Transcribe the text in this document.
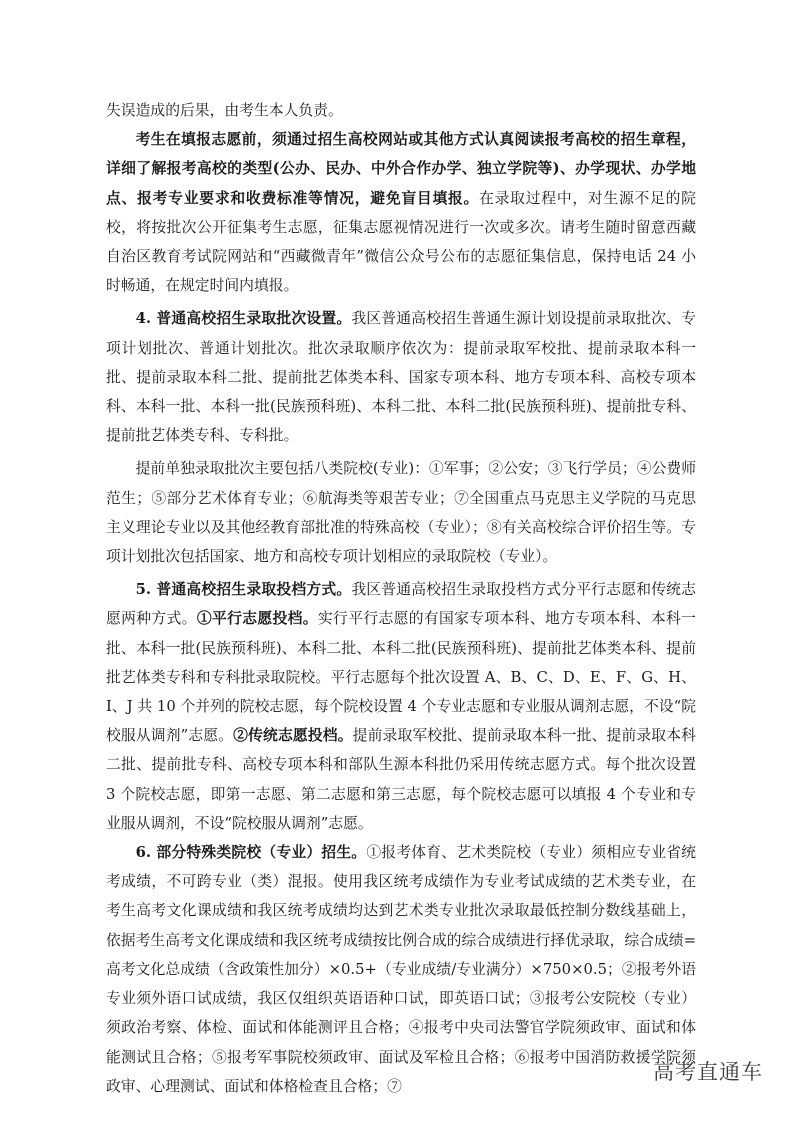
失误造成的后果，由考生本人负责。

考生在填报志愿前，须通过招生高校网站或其他方式认真阅读报考高校的招生章程，详细了解报考高校的类型(公办、民办、中外合作办学、独立学院等)、办学现状、办学地点、报考专业要求和收费标准等情况，避免盲目填报。在录取过程中，对生源不足的院校，将按批次公开征集考生志愿，征集志愿视情况进行一次或多次。请考生随时留意西藏自治区教育考试院网站和“西藏微青年”微信公众号公布的志愿征集信息，保持电话 24 小时畅通，在规定时间内填报。

4. 普通高校招生录取批次设置。我区普通高校招生普通生源计划设提前录取批次、专项计划批次、普通计划批次。批次录取顺序依次为：提前录取军校批、提前录取本科一批、提前录取本科二批、提前批艺体类本科、国家专项本科、地方专项本科、高校专项本科、本科一批、本科一批(民族预科班)、本科二批、本科二批(民族预科班)、提前批专科、提前批艺体类专科、专科批。

提前单独录取批次主要包括八类院校(专业)：①军事；②公安；③飞行学员；④公费师范生；⑤部分艺术体育专业；⑥航海类等艰苦专业；⑦全国重点马克思主义学院的马克思主义理论专业以及其他经教育部批准的特殊高校（专业）；⑧有关高校综合评价招生等。专项计划批次包括国家、地方和高校专项计划相应的录取院校（专业）。

5. 普通高校招生录取投档方式。我区普通高校招生录取投档方式分平行志愿和传统志愿两种方式。①平行志愿投档。实行平行志愿的有国家专项本科、地方专项本科、本科一批、本科一批(民族预科班)、本科二批、本科二批(民族预科班)、提前批艺体类本科、提前批艺体类专科和专科批录取院校。平行志愿每个批次设置 A、B、C、D、E、F、G、H、I、J 共 10 个并列的院校志愿，每个院校设置 4 个专业志愿和专业服从调剂志愿，不设“院校服从调剂”志愿。②传统志愿投档。提前录取军校批、提前录取本科一批、提前录取本科二批、提前批专科、高校专项本科和部队生源本科批仍采用传统志愿方式。每个批次设置 3 个院校志愿，即第一志愿、第二志愿和第三志愿，每个院校志愿可以填报 4 个专业和专业服从调剂，不设“院校服从调剂”志愿。

6. 部分特殊类院校（专业）招生。①报考体育、艺术类院校（专业）须相应专业省统考成绩，不可跨专业（类）混报。使用我区统考成绩作为专业考试成绩的艺术类专业，在考生高考文化课成绩和我区统考成绩均达到艺术类专业批次录取最低控制分数线基础上，依据考生高考文化课成绩和我区统考成绩按比例合成的综合成绩进行择优录取，综合成绩=高考文化总成绩（含政策性加分）×0.5+（专业成绩/专业满分）×750×0.5；②报考外语专业须外语口试成绩，我区仅组织英语语种口试，即英语口试；③报考公安院校（专业）须政治考察、体检、面试和体能测评且合格；④报考中央司法警官学院须政审、面试和体能测试且合格；⑤报考军事院校须政审、面试及军检且合格；⑥报考中国消防救援学院须政审、心理测试、面试和体格检查且合格；⑦

高考直通车
